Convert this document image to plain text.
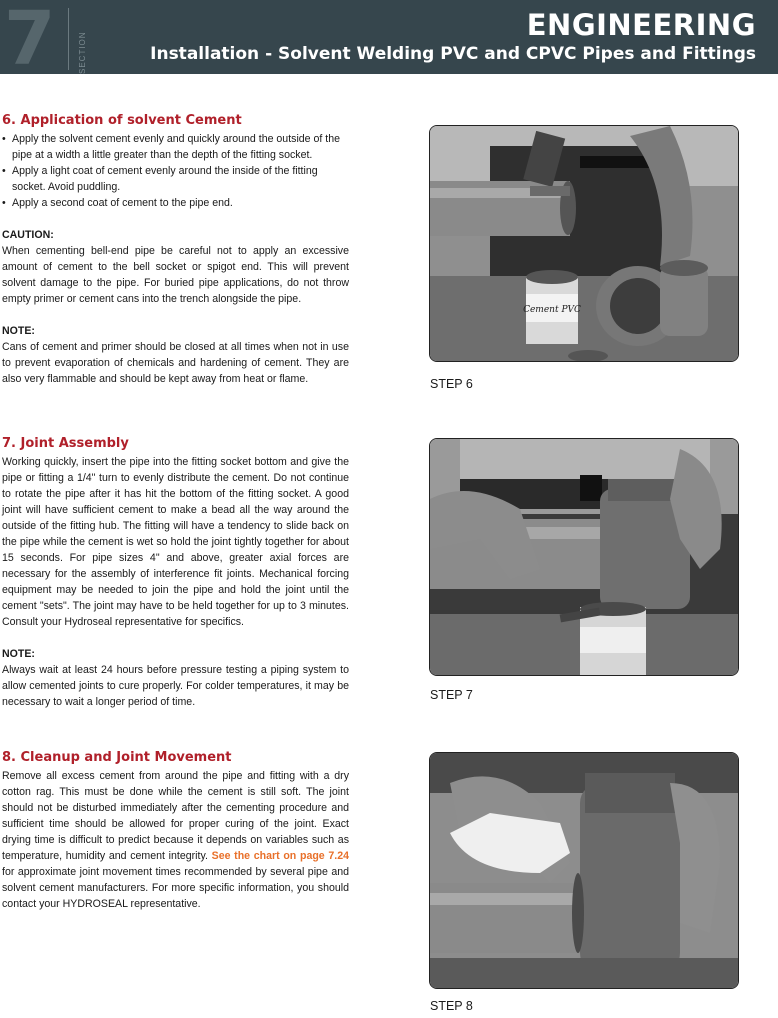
7	SECTION
ENGINEERING
Installation - Solvent Welding PVC and CPVC Pipes and Fittings
6. Application of solvent Cement
• Apply the solvent cement evenly and quickly around the outside of the pipe at a width a little greater than the depth of the fitting socket.
• Apply a light coat of cement evenly around the inside of the fitting socket. Avoid puddling.
• Apply a second coat of cement to the pipe end.

CAUTION:

When cementing bell-end pipe be careful not to apply an excessive amount of cement to the bell socket or spigot end. This will prevent solvent damage to the pipe. For buried pipe applications, do not throw empty primer or cement cans into the trench alongside the pipe.

NOTE:

Cans of cement and primer should be closed at all times when not in use to prevent evaporation of chemicals and hardening of cement. They are also very flammable and should be kept away from heat or flame.

7. Joint Assembly

Working quickly, insert the pipe into the fitting socket bottom and give the pipe or fitting a 1/4" turn to evenly distribute the cement. Do not continue to rotate the pipe after it has hit the bottom of the fitting socket. A good joint will have sufficient cement to make a bead all the way around the outside of the fitting hub. The fitting will have a tendency to slide back on the pipe while the cement is wet so hold the joint tightly together for about 15 seconds. For pipe sizes 4" and above, greater axial forces are necessary for the assembly of interference fit joints. Mechanical forcing equipment may be needed to join the pipe and hold the joint until the cement "sets". The joint may have to be held together for up to 3 minutes. Consult your Hydroseal representative for specifics.

NOTE:

Always wait at least 24 hours before pressure testing a piping system to allow cemented joints to cure properly. For colder temperatures, it may be necessary to wait a longer period of time.

8. Cleanup and Joint Movement

Remove all excess cement from around the pipe and fitting with a dry cotton rag. This must be done while the cement is still soft. The joint should not be disturbed immediately after the cementing procedure and sufficient time should be allowed for proper curing of the joint. Exact drying time is difficult to predict because it depends on variables such as temperature, humidity and cement integrity. See the chart on page 7.24 for approximate joint movement times recommended by several pipe and solvent cement manufacturers. For more specific information, you should contact your HYDROSEAL representative.

Cement PVC
STEP 6
STEP 7
STEP 8
